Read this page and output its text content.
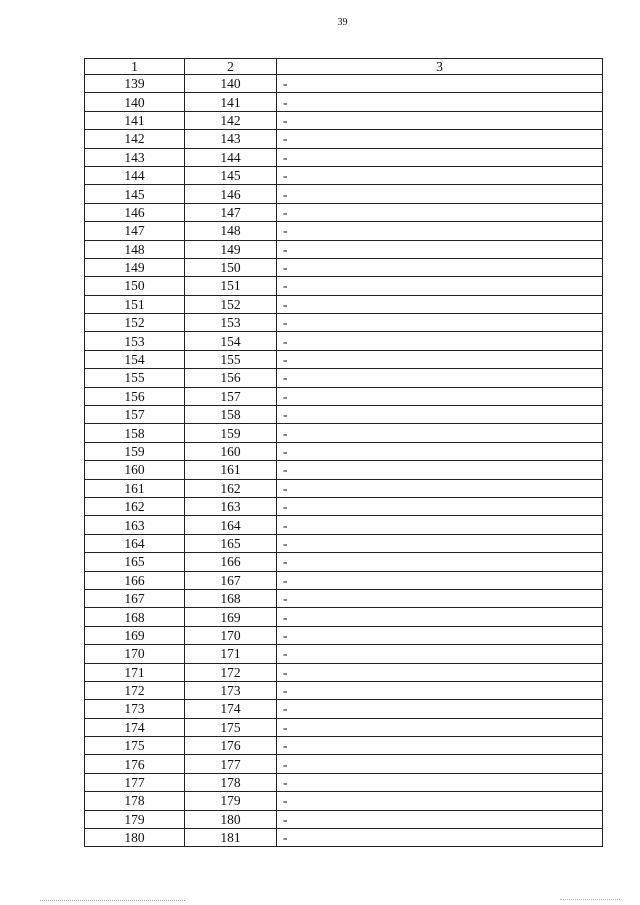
39
1	2	3
139	140	-
140	141	-
141	142	-
142	143	-
143	144	-
144	145	-
145	146	-
146	147	-
147	148	-
148	149	-
149	150	-
150	151	-
151	152	-
152	153	-
153	154	-
154	155	-
155	156	-
156	157	-
157	158	-
158	159	-
159	160	-
160	161	-
161	162	-
162	163	-
163	164	-
164	165	-
165	166	-
166	167	-
167	168	-
168	169	-
169	170	-
170	171	-
171	172	-
172	173	-
173	174	-
174	175	-
175	176	-
176	177	-
177	178	-
178	179	-
179	180	-
180	181	-
